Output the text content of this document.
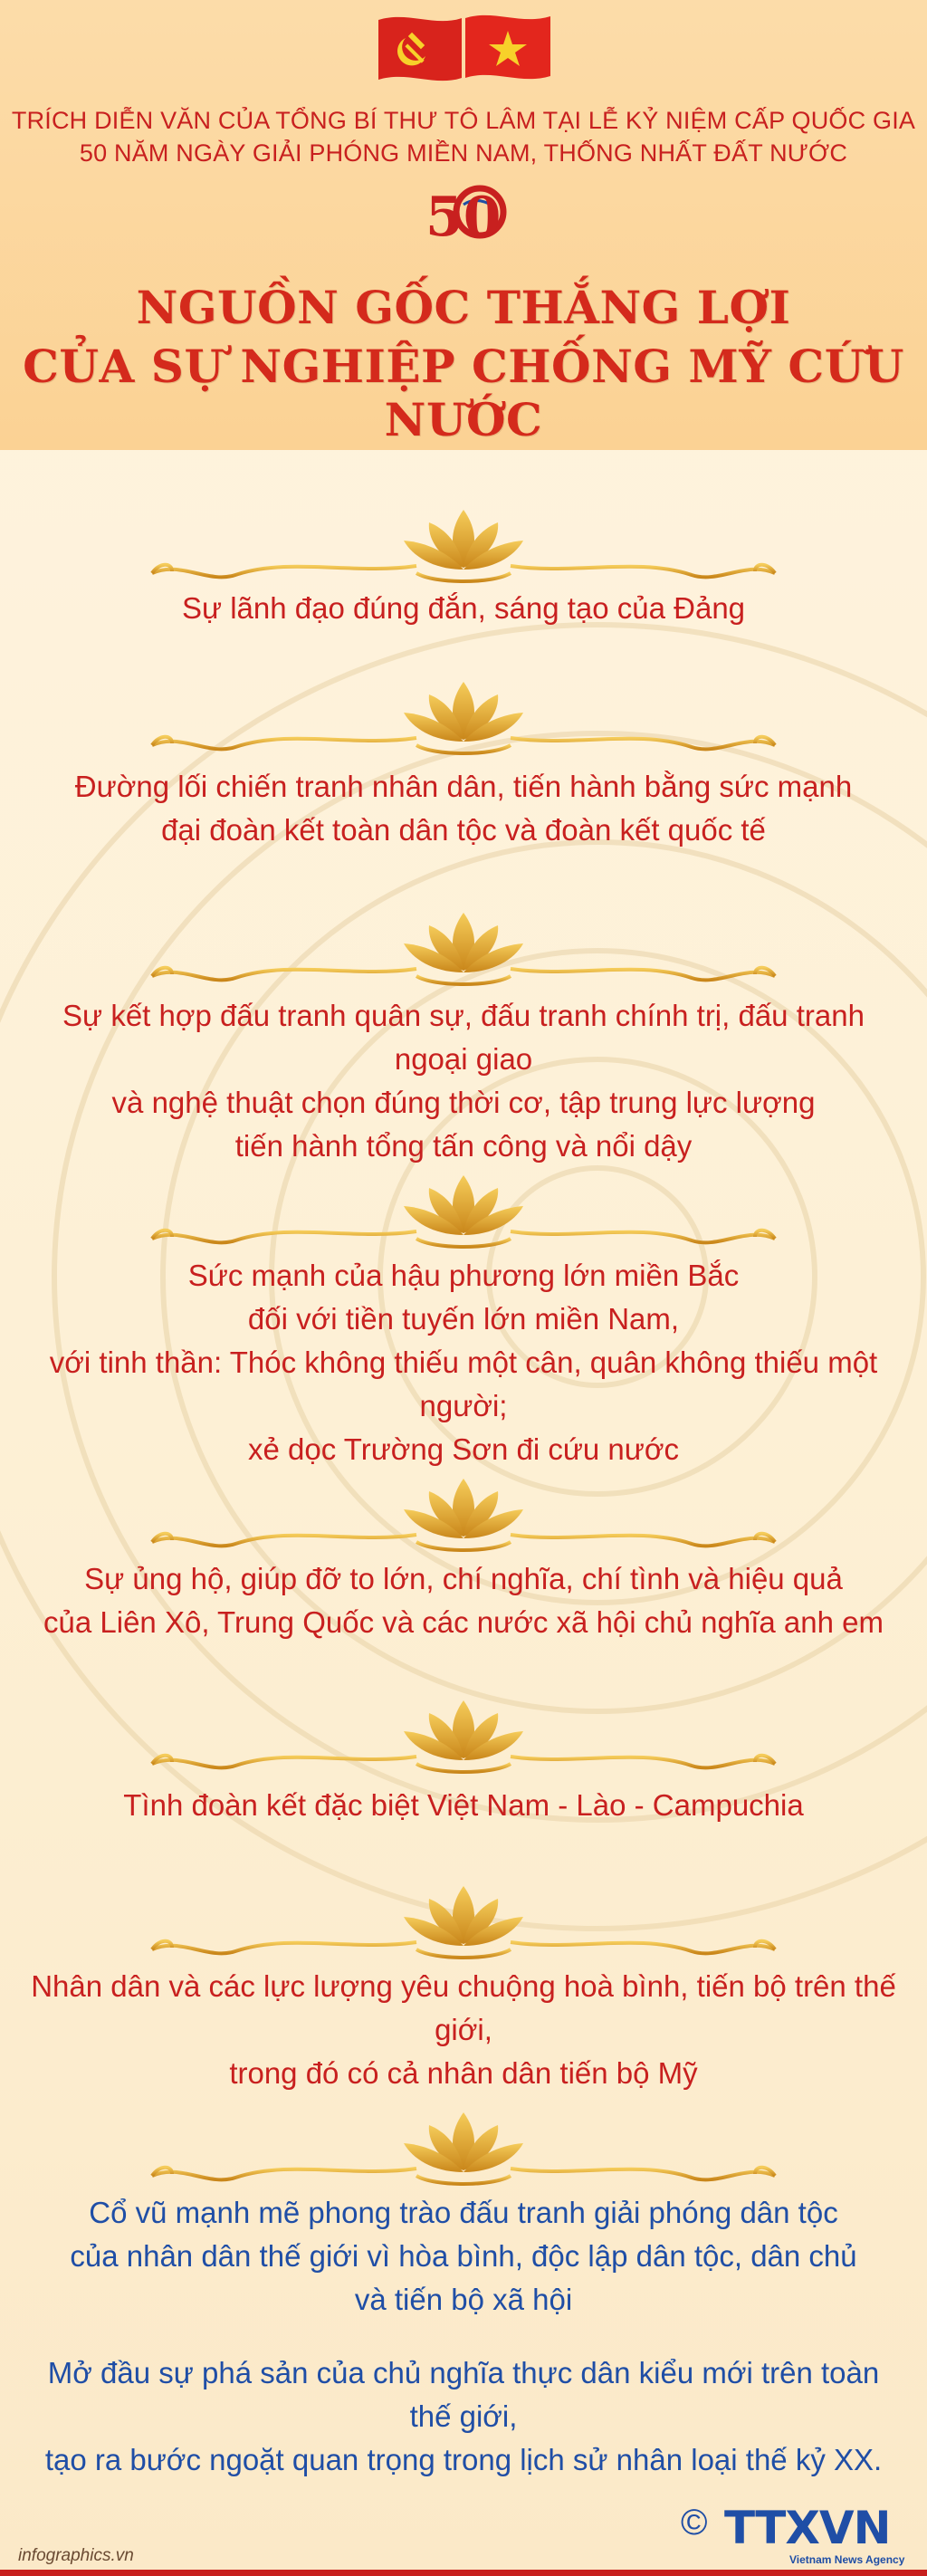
TRÍCH DIỄN VĂN CỦA TỔNG BÍ THƯ TÔ LÂM TẠI LỄ KỶ NIỆM CẤP QUỐC GIA
50 NĂM NGÀY GIẢI PHÓNG MIỀN NAM, THỐNG NHẤT ĐẤT NƯỚC
50
NGUỒN GỐC THẮNG LỢI
CỦA SỰ NGHIỆP CHỐNG MỸ CỨU NƯỚC
Sự lãnh đạo đúng đắn, sáng tạo của Đảng
Đường lối chiến tranh nhân dân, tiến hành bằng sức mạnh
đại đoàn kết toàn dân tộc và đoàn kết quốc tế
Sự kết hợp đấu tranh quân sự, đấu tranh chính trị, đấu tranh ngoại giao
và nghệ thuật chọn đúng thời cơ, tập trung lực lượng
tiến hành tổng tấn công và nổi dậy
Sức mạnh của hậu phương lớn miền Bắc
đối với tiền tuyến lớn miền Nam,
với tinh thần: Thóc không thiếu một cân, quân không thiếu một người;
xẻ dọc Trường Sơn đi cứu nước
Sự ủng hộ, giúp đỡ to lớn, chí nghĩa, chí tình và hiệu quả
của Liên Xô, Trung Quốc và các nước xã hội chủ nghĩa anh em
Tình đoàn kết đặc biệt Việt Nam - Lào - Campuchia
Nhân dân và các lực lượng yêu chuộng hoà bình, tiến bộ trên thế giới,
trong đó có cả nhân dân tiến bộ Mỹ
Cổ vũ mạnh mẽ phong trào đấu tranh giải phóng dân tộc
của nhân dân thế giới vì hòa bình, độc lập dân tộc, dân chủ
và tiến bộ xã hội
Mở đầu sự phá sản của chủ nghĩa thực dân kiểu mới trên toàn thế giới,
tạo ra bước ngoặt quan trọng trong lịch sử nhân loại thế kỷ XX.
infographics.vn
© TTXVN
Vietnam News Agency
